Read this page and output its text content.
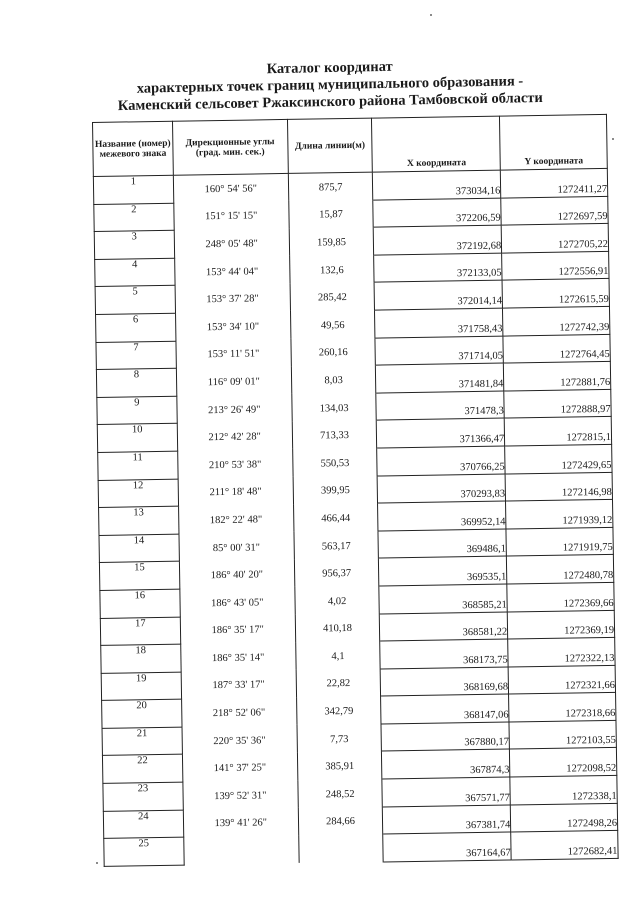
Каталог координат
характерных точек границ муниципального образования -
Каменский сельсовет Ржаксинского района Тамбовской области
Название (номер) межевого знака	Дирекционные углы (град. мин. сек.)	Длина линии(м)	X координата	Y координата
1	160° 54' 56"	875,7	373034,16	1272411,27
2	151° 15' 15"	15,87	372206,59	1272697,59
3	248° 05' 48"	159,85	372192,68	1272705,22
4	153° 44' 04"	132,6	372133,05	1272556,91
5	153° 37' 28"	285,42	372014,14	1272615,59
6	153° 34' 10"	49,56	371758,43	1272742,39
7	153° 11' 51"	260,16	371714,05	1272764,45
8	116° 09' 01"	8,03	371481,84	1272881,76
9	213° 26' 49"	134,03	371478,3	1272888,97
10	212° 42' 28"	713,33	371366,47	1272815,1
11	210° 53' 38"	550,53	370766,25	1272429,65
12	211° 18' 48"	399,95	370293,83	1272146,98
13	182° 22' 48"	466,44	369952,14	1271939,12
14	85° 00' 31"	563,17	369486,1	1271919,75
15	186° 40' 20"	956,37	369535,1	1272480,78
16	186° 43' 05"	4,02	368585,21	1272369,66
17	186° 35' 17"	410,18	368581,22	1272369,19
18	186° 35' 14"	4,1	368173,75	1272322,13
19	187° 33' 17"	22,82	368169,68	1272321,66
20	218° 52' 06"	342,79	368147,06	1272318,66
21	220° 35' 36"	7,73	367880,17	1272103,55
22	141° 37' 25"	385,91	367874,3	1272098,52
23	139° 52' 31"	248,52	367571,77	1272338,1
24	139° 41' 26"	284,66	367381,74	1272498,26
25			367164,67	1272682,41
